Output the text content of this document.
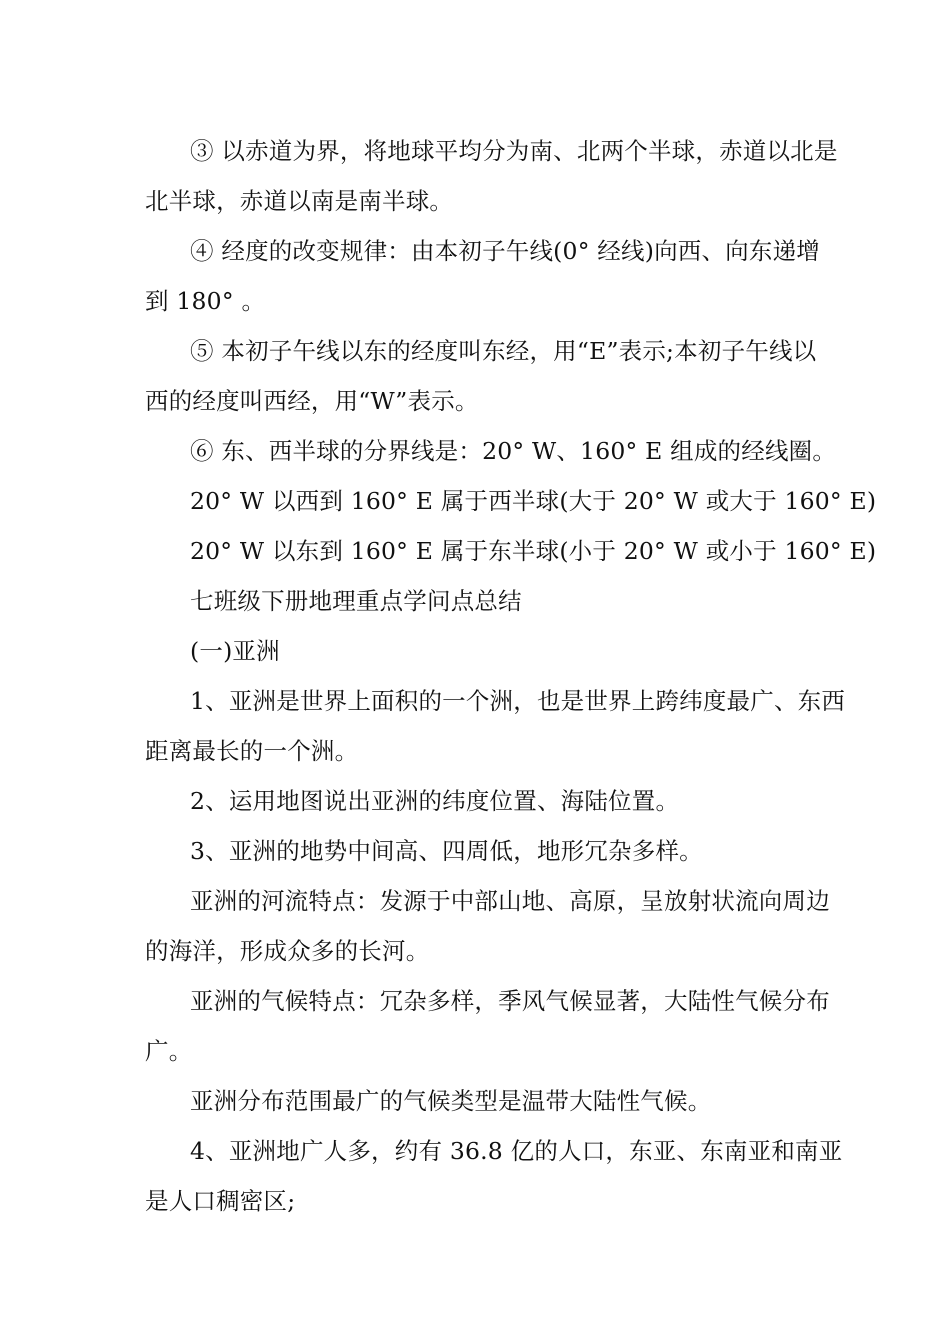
③ 以赤道为界，将地球平均分为南、北两个半球，赤道以北是
北半球，赤道以南是南半球。
④ 经度的改变规律：由本初子午线(0° 经线)向西、向东递增
到 180° 。
⑤ 本初子午线以东的经度叫东经，用“E”表示;本初子午线以
西的经度叫西经，用“W”表示。
⑥ 东、西半球的分界线是：20° W、160° E 组成的经线圈。
20° W 以西到 160° E 属于西半球(大于 20° W 或大于 160° E)
20° W 以东到 160° E 属于东半球(小于 20° W 或小于 160° E)
七班级下册地理重点学问点总结
(一)亚洲
1、亚洲是世界上面积的一个洲，也是世界上跨纬度最广、东西
距离最长的一个洲。
2、运用地图说出亚洲的纬度位置、海陆位置。
3、亚洲的地势中间高、四周低，地形冗杂多样。
亚洲的河流特点：发源于中部山地、高原，呈放射状流向周边
的海洋，形成众多的长河。
亚洲的气候特点：冗杂多样，季风气候显著，大陆性气候分布
广。
亚洲分布范围最广的气候类型是温带大陆性气候。
4、亚洲地广人多，约有 36.8 亿的人口，东亚、东南亚和南亚
是人口稠密区;
